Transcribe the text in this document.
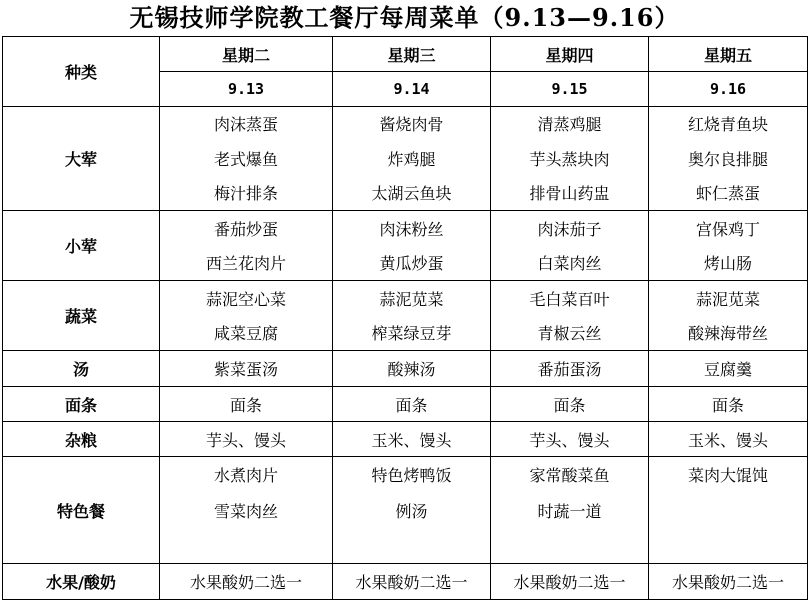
无锡技师学院教工餐厅每周菜单（9.13—9.16）
种类	星期二	星期三	星期四	星期五
	9.13	9.14	9.15	9.16
大荤	肉沫蒸蛋	酱烧肉骨	清蒸鸡腿	红烧青鱼块
	老式爆鱼	炸鸡腿	芋头蒸块肉	奥尔良排腿
	梅汁排条	太湖云鱼块	排骨山药盅	虾仁蒸蛋
小荤	番茄炒蛋	肉沫粉丝	肉沫茄子	宫保鸡丁
	西兰花肉片	黄瓜炒蛋	白菜肉丝	烤山肠
蔬菜	蒜泥空心菜	蒜泥苋菜	毛白菜百叶	蒜泥苋菜
	咸菜豆腐	榨菜绿豆芽	青椒云丝	酸辣海带丝
汤	紫菜蛋汤	酸辣汤	番茄蛋汤	豆腐羹
面条	面条	面条	面条	面条
杂粮	芋头、馒头	玉米、馒头	芋头、馒头	玉米、馒头
特色餐	水煮肉片	特色烤鸭饭	家常酸菜鱼	菜肉大馄饨
	雪菜肉丝	例汤	时蔬一道	

水果/酸奶	水果酸奶二选一	水果酸奶二选一	水果酸奶二选一	水果酸奶二选一
